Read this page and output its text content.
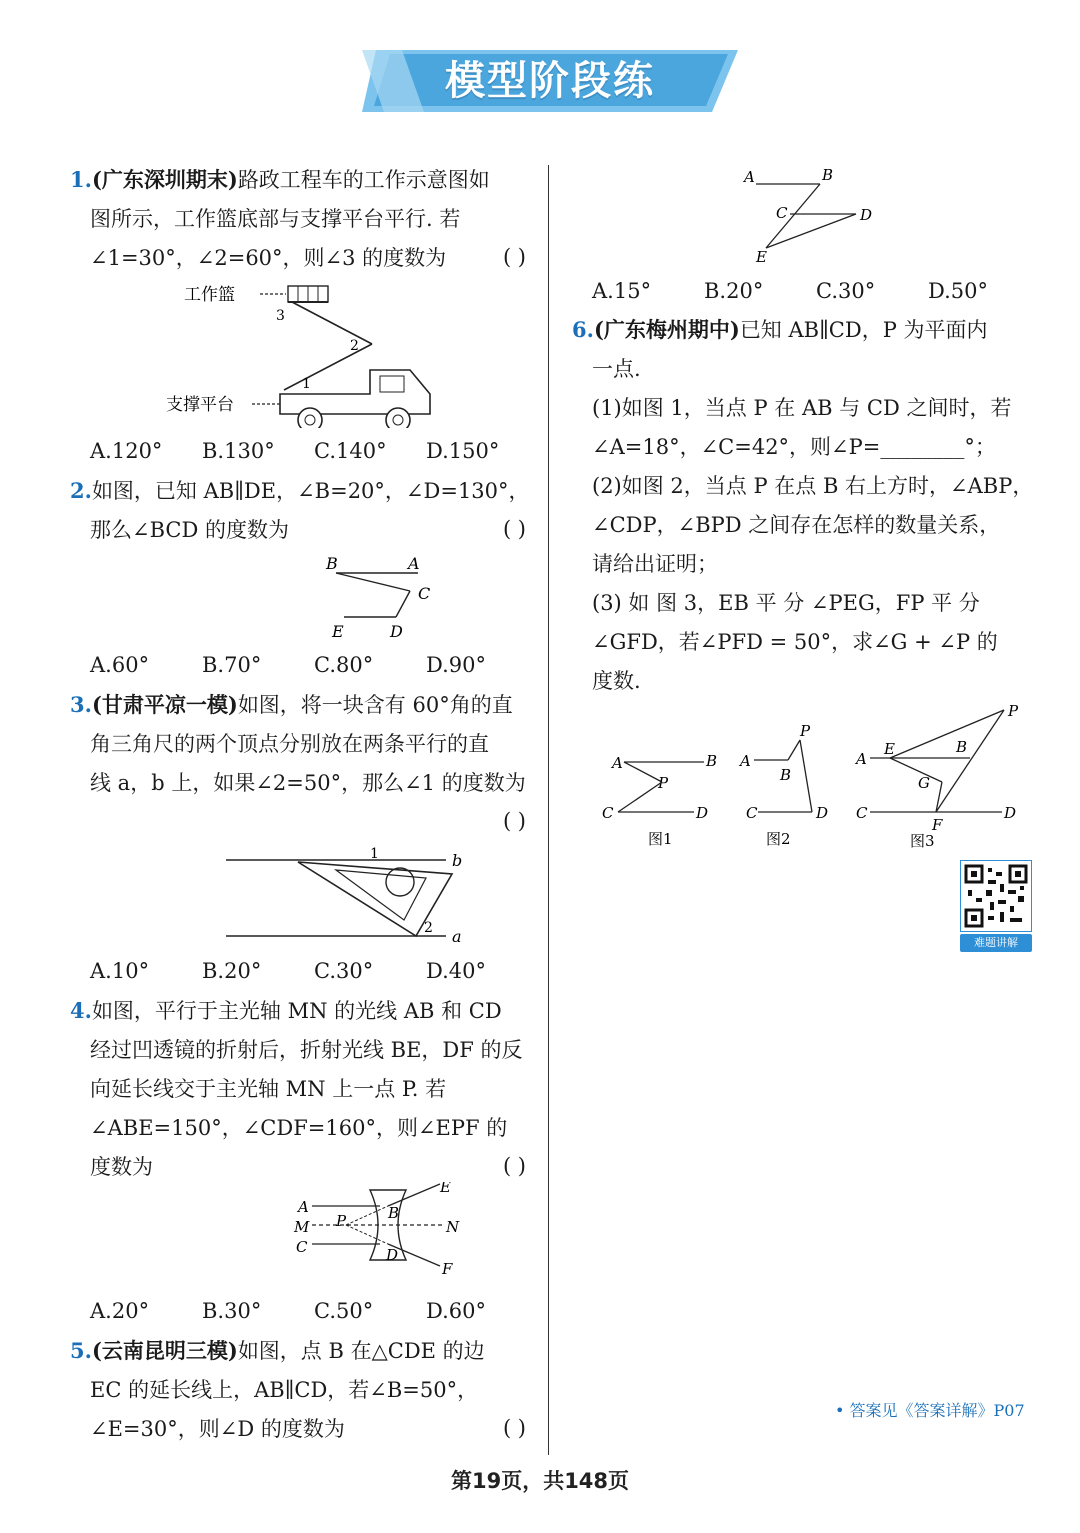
模型阶段练
1.(广东深圳期末)路政工程车的工作示意图如
图所示，工作篮底部与支撑平台平行. 若
∠1=30°，∠2=60°，则∠3 的度数为	( )
工作篮
3
2
1
支撑平台
A.120° B.130° C.140° D.150°
2.如图，已知 AB∥DE，∠B=20°，∠D=130°，
那么∠BCD 的度数为	( )
B	A
C
E	D
A.60°	B.70°	C.80°	D.90°
3.(甘肃平凉一模)如图，将一块含有 60°角的直
角三角尺的两个顶点分别放在两条平行的直
线 a，b 上，如果∠2=50°，那么∠1 的度数为
( )
b
1
a
2
A.10°	B.20°	C.30°	D.40°
4.如图，平行于主光轴 MN 的光线 AB 和 CD
经过凹透镜的折射后，折射光线 BE，DF 的反
向延长线交于主光轴 MN 上一点 P. 若
∠ABE=150°，∠CDF=160°，则∠EPF 的
度数为	( )
A
M
C
N
P	B
D
E
F
A.20°	B.30°	C.50°	D.60°
5.(云南昆明三模)如图，点 B 在△CDE 的边
EC 的延长线上，AB∥CD，若∠B=50°，
∠E=30°，则∠D 的度数为	( )
A	B
C	D
E
A.15°	B.20°	C.30°	D.50°
6.(广东梅州期中)已知 AB∥CD，P 为平面内
一点.
(1)如图 1，当点 P 在 AB 与 CD 之间时，若
∠A=18°，∠C=42°，则∠P=________°；
(2)如图 2，当点 P 在点 B 右上方时，∠ABP，
∠CDP，∠BPD 之间存在怎样的数量关系，
请给出证明；
(3) 如 图 3，EB 平 分 ∠PEG，FP 平 分
∠GFD，若∠PFD = 50°，求∠G + ∠P 的
度数.
A	B
P
C	D
图1
P
A
B
C	D
图2
P
A
E	B
G
C	D
F
图3
难题讲解
• 答案见《答案详解》P07
第19页，共148页
